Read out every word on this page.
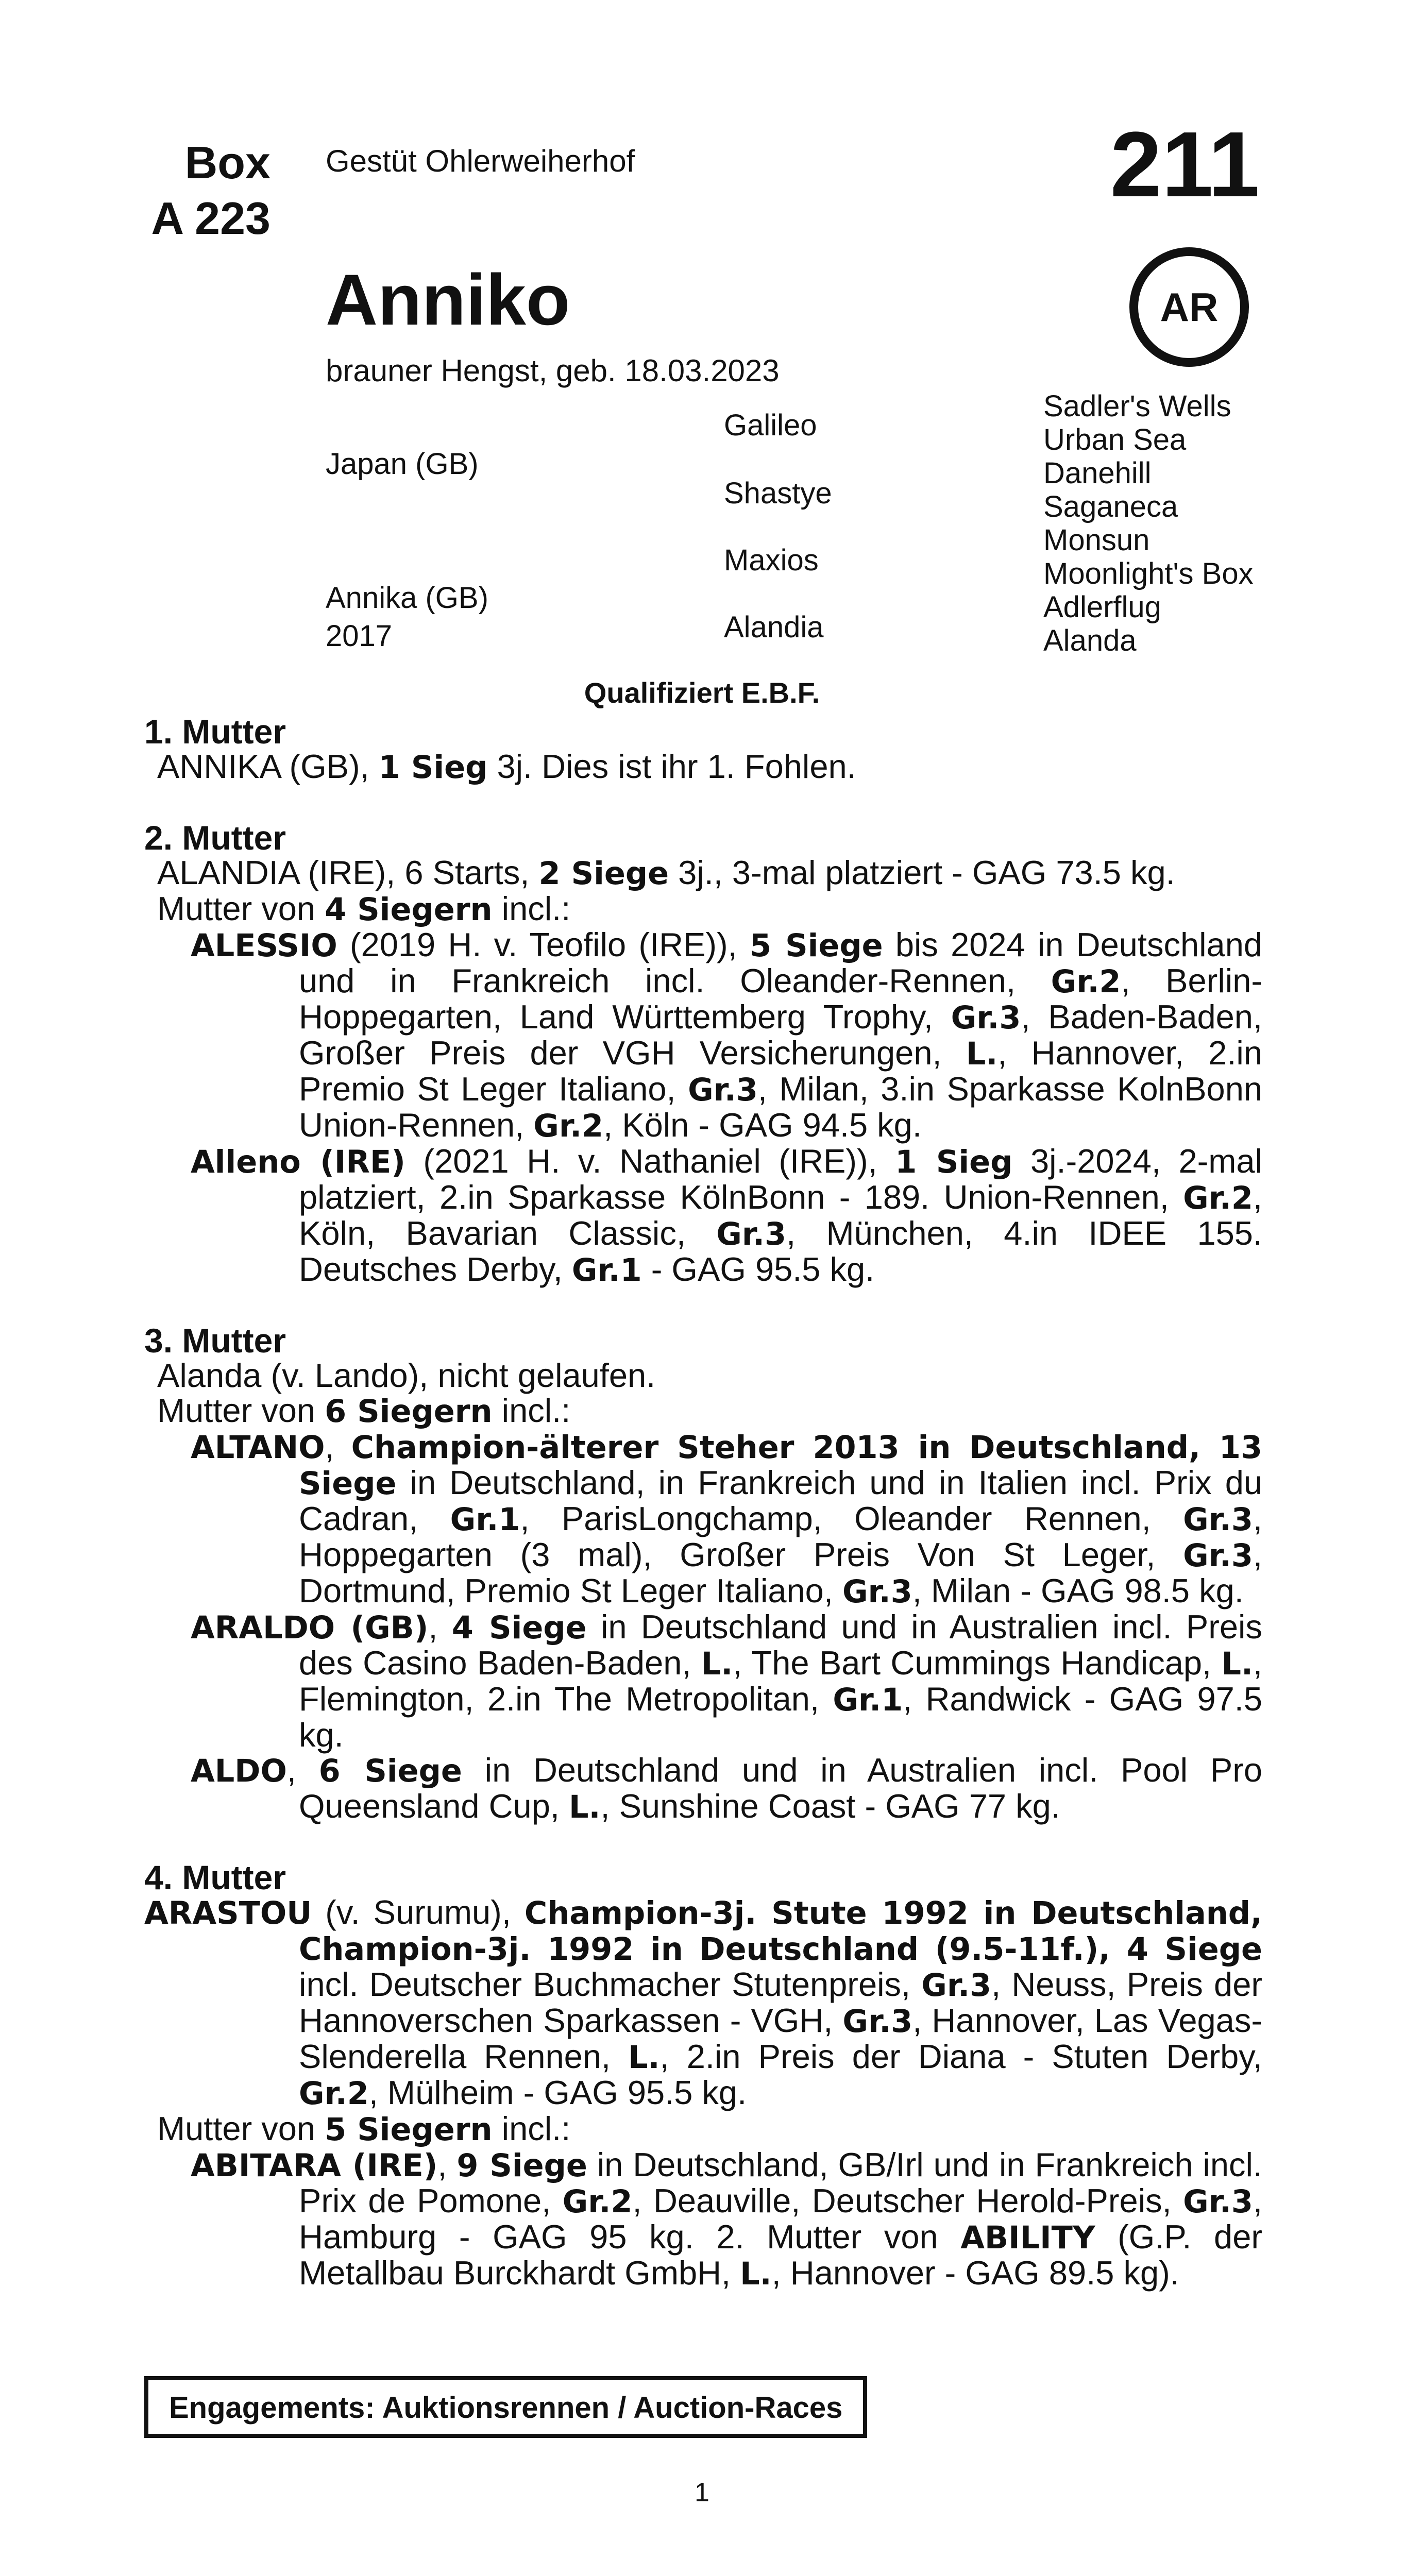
Box
A 223
Gestüt Ohlerweiherhof	211
AR
Anniko
brauner Hengst, geb. 18.03.2023
Japan (GB)
Annika (GB)
2017
Galileo
Shastye
Maxios
Alandia
Sadler's Wells
Urban Sea
Danehill
Saganeca
Monsun
Moonlight's Box
Adlerflug
Alanda
Qualifiziert E.B.F.
1. Mutter

ANNIKA (GB), 1 Sieg 3j. Dies ist ihr 1. Fohlen.

2. Mutter

ALANDIA (IRE), 6 Starts, 2 Siege 3j., 3-mal platziert - GAG 73.5 kg.

Mutter von 4 Siegern incl.:

ALESSIO (2019 H. v. Teofilo (IRE)), 5 Siege bis 2024 in Deutschland und in Frankreich incl. Oleander-Rennen, Gr.2, Berlin-Hoppegarten, Land Württemberg Trophy, Gr.3, Baden-Baden, Großer Preis der VGH Versicherungen, L., Hannover, 2.in Premio St Leger Italiano, Gr.3, Milan, 3.in Sparkasse KolnBonn Union-Rennen, Gr.2, Köln - GAG 94.5 kg.

Alleno (IRE) (2021 H. v. Nathaniel (IRE)), 1 Sieg 3j.-2024, 2-mal platziert, 2.in Sparkasse KölnBonn - 189. Union-Rennen, Gr.2, Köln, Bavarian Classic, Gr.3, München, 4.in IDEE 155. Deutsches Derby, Gr.1 - GAG 95.5 kg.

3. Mutter

Alanda (v. Lando), nicht gelaufen.

Mutter von 6 Siegern incl.:

ALTANO, Champion-älterer Steher 2013 in Deutschland, 13 Siege in Deutschland, in Frankreich und in Italien incl. Prix du Cadran, Gr.1, ParisLongchamp, Oleander Rennen, Gr.3, Hoppegarten (3 mal), Großer Preis Von St Leger, Gr.3, Dortmund, Premio St Leger Italiano, Gr.3, Milan - GAG 98.5 kg.

ARALDO (GB), 4 Siege in Deutschland und in Australien incl. Preis des Casino Baden-Baden, L., The Bart Cummings Handicap, L., Flemington, 2.in The Metropolitan, Gr.1, Randwick - GAG 97.5 kg.

ALDO, 6 Siege in Deutschland und in Australien incl. Pool Pro Queensland Cup, L., Sunshine Coast - GAG 77 kg.

4. Mutter

ARASTOU (v. Surumu), Champion-3j. Stute 1992 in Deutschland, Champion-3j. 1992 in Deutschland (9.5-11f.), 4 Siege incl. Deutscher Buchmacher Stutenpreis, Gr.3, Neuss, Preis der Hannoverschen Sparkassen - VGH, Gr.3, Hannover, Las Vegas-Slenderella Rennen, L., 2.in Preis der Diana - Stuten Derby, Gr.2, Mülheim - GAG 95.5 kg.

Mutter von 5 Siegern incl.:

ABITARA (IRE), 9 Siege in Deutschland, GB/Irl und in Frankreich incl. Prix de Pomone, Gr.2, Deauville, Deutscher Herold-Preis, Gr.3, Hamburg - GAG 95 kg. 2. Mutter von ABILITY (G.P. der Metallbau Burckhardt GmbH, L., Hannover - GAG 89.5 kg).

Engagements: Auktionsrennen / Auction-Races
1
